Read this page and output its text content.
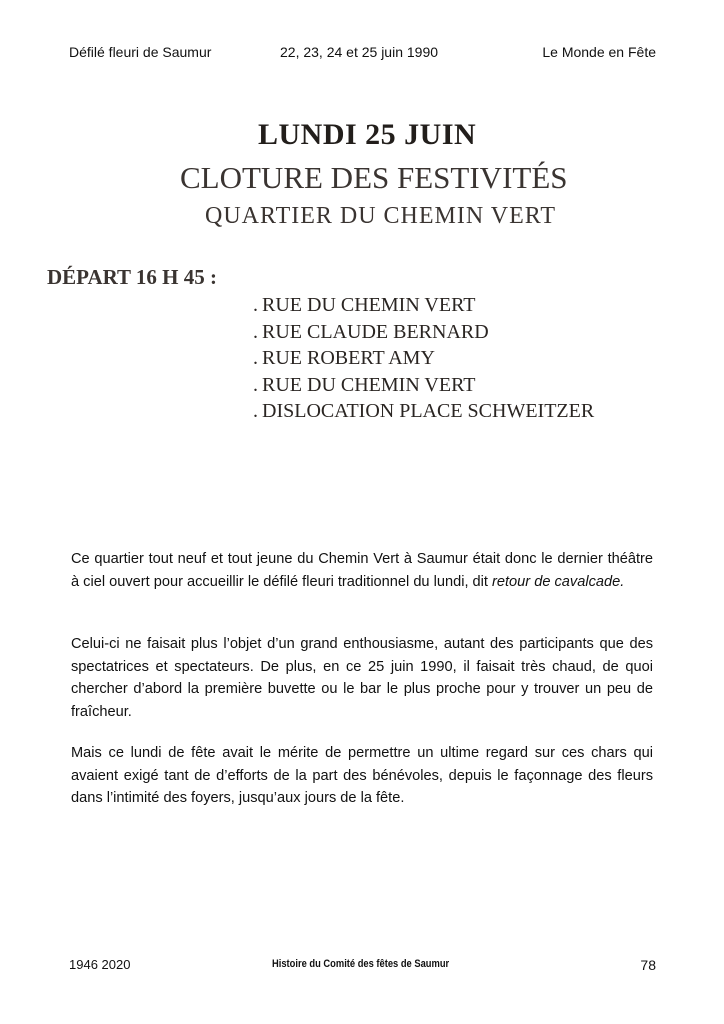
Défilé fleuri de Saumur	22, 23, 24 et 25 juin 1990	Le Monde en Fête
LUNDI 25 JUIN
CLOTURE DES FESTIVITÉS
QUARTIER DU CHEMIN VERT
DÉPART 16 H 45 :
. RUE DU CHEMIN VERT
. RUE CLAUDE BERNARD
. RUE ROBERT AMY
. RUE DU CHEMIN VERT
. DISLOCATION PLACE SCHWEITZER

Ce quartier tout neuf et tout jeune du Chemin Vert à Saumur était donc le dernier théâtre à ciel ouvert pour accueillir le défilé fleuri traditionnel du lundi, dit retour de cavalcade.

Celui-ci ne faisait plus l’objet d’un grand enthousiasme, autant des participants que des spectatrices et spectateurs. De plus, en ce 25 juin 1990, il faisait très chaud, de quoi chercher d’abord la première buvette ou le bar le plus proche pour y trouver un peu de fraîcheur.

Mais ce lundi de fête avait le mérite de permettre un ultime regard sur ces chars qui avaient exigé tant de d’efforts de la part des bénévoles, depuis le façonnage des fleurs dans l’intimité des foyers, jusqu’aux jours de la fête.

1946 2020	Histoire du Comité des fêtes de Saumur	78
